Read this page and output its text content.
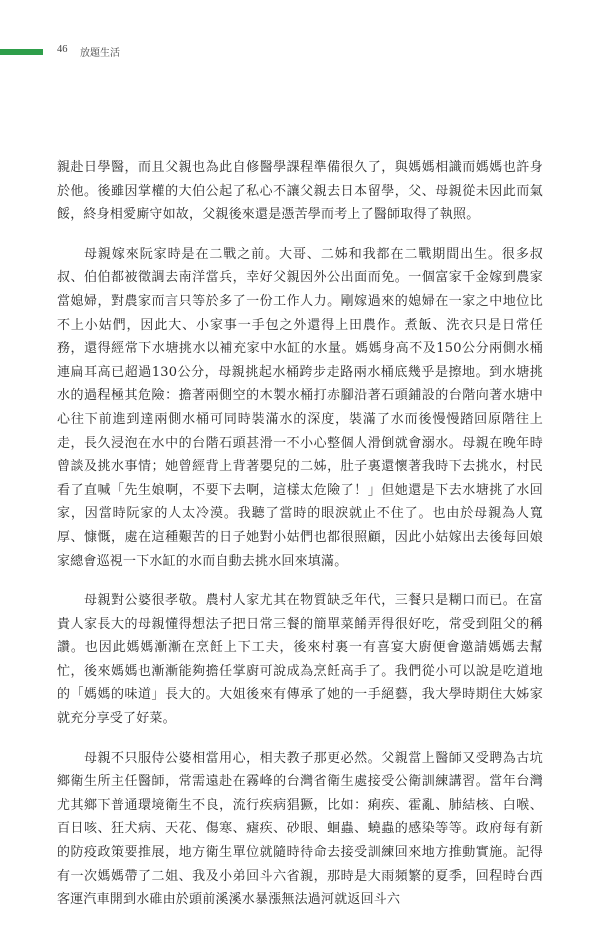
46 放題生活

親赴日學醫，而且父親也為此自修醫學課程準備很久了，與媽媽相識而媽媽也許身於他。後雖因掌權的大伯公起了私心不讓父親去日本留學，父、母親從未因此而氣餒，終身相愛廝守如故，父親後來還是憑苦學而考上了醫師取得了執照。

母親嫁來阮家時是在二戰之前。大哥、二姊和我都在二戰期間出生。很多叔叔、伯伯都被徵調去南洋當兵，幸好父親因外公出面而免。一個富家千金嫁到農家當媳婦，對農家而言只等於多了一份工作人力。剛嫁過來的媳婦在一家之中地位比不上小姑們，因此大、小家事一手包之外還得上田農作。煮飯、洗衣只是日常任務，還得經常下水塘挑水以補充家中水缸的水量。媽媽身高不及150公分兩側水桶連扁耳高已超過130公分，母親挑起水桶跨步走路兩水桶底幾乎是擦地。到水塘挑水的過程極其危險：擔著兩側空的木製水桶打赤腳沿著石頭鋪設的台階向著水塘中心往下前進到達兩側水桶可同時裝滿水的深度，裝滿了水而後慢慢踏回原階往上走，長久浸泡在水中的台階石頭甚滑一不小心整個人滑倒就會溺水。母親在晚年時曾談及挑水事情；她曾經背上背著嬰兒的二姊，肚子裏還懷著我時下去挑水，村民看了直喊「先生娘啊，不要下去啊，這樣太危險了！」但她還是下去水塘挑了水回家，因當時阮家的人太冷漠。我聽了當時的眼淚就止不住了。也由於母親為人寬厚、慷慨，處在這種艱苦的日子她對小姑們也都很照顧，因此小姑嫁出去後每回娘家總會巡視一下水缸的水而自動去挑水回來填滿。

母親對公婆很孝敬。農村人家尤其在物質缺乏年代，三餐只是糊口而已。在富貴人家長大的母親懂得想法子把日常三餐的簡單菜餚弄得很好吃，常受到阻父的稱讚。也因此媽媽漸漸在烹飪上下工夫，後來村裏一有喜宴大廚便會邀請媽媽去幫忙，後來媽媽也漸漸能夠擔任掌廚可說成為烹飪高手了。我們從小可以說是吃道地的「媽媽的味道」長大的。大姐後來有傳承了她的一手絕藝，我大學時期住大姊家就充分享受了好菜。

母親不只服侍公婆相當用心，相夫教子那更必然。父親當上醫師又受聘為古坑鄉衛生所主任醫師，常需遠赴在霧峰的台灣省衛生處接受公衛訓練講習。當年台灣尤其鄉下普通環境衛生不良，流行疾病猖獗，比如：痢疾、霍亂、肺結核、白喉、百日咳、狂犬病、天花、傷寒、瘧疾、砂眼、蛔蟲、蟯蟲的感染等等。政府每有新的防疫政策要推展，地方衛生單位就隨時待命去接受訓練回來地方推動實施。記得有一次媽媽帶了二姐、我及小弟回斗六省親，那時是大雨頻繁的夏季，回程時台西客運汽車開到水碓由於頭前溪溪水暴漲無法過河就返回斗六
